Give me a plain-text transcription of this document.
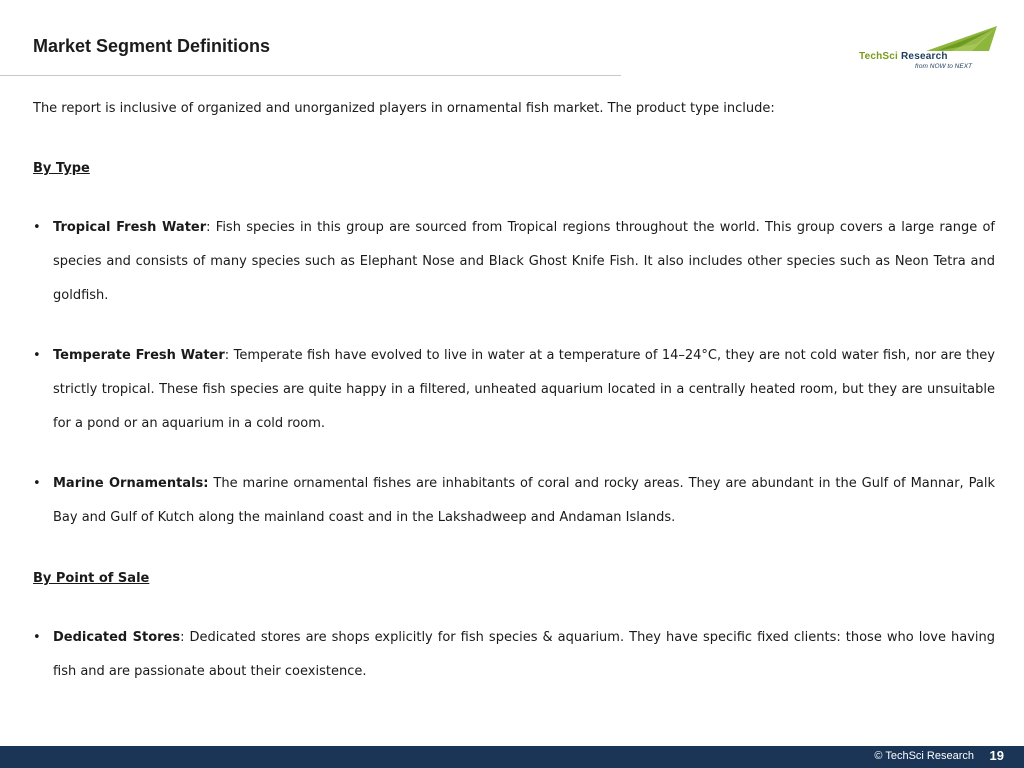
Market Segment Definitions
TechSci Research
from NOW to NEXT

The report is inclusive of organized and unorganized players in ornamental fish market. The product type include:

By Type

• Tropical Fresh Water: Fish species in this group are sourced from Tropical regions throughout the world. This group covers a large range of species and consists of many species such as Elephant Nose and Black Ghost Knife Fish. It also includes other species such as Neon Tetra and goldfish.

• Temperate Fresh Water: Temperate fish have evolved to live in water at a temperature of 14–24°C, they are not cold water fish, nor are they strictly tropical. These fish species are quite happy in a filtered, unheated aquarium located in a centrally heated room, but they are unsuitable for a pond or an aquarium in a cold room.

• Marine Ornamentals: The marine ornamental fishes are inhabitants of coral and rocky areas. They are abundant in the Gulf of Mannar, Palk Bay and Gulf of Kutch along the mainland coast and in the Lakshadweep and Andaman Islands.

By Point of Sale

• Dedicated Stores: Dedicated stores are shops explicitly for fish species & aquarium. They have specific fixed clients: those who love having fish and are passionate about their coexistence.

© TechSci Research 19
